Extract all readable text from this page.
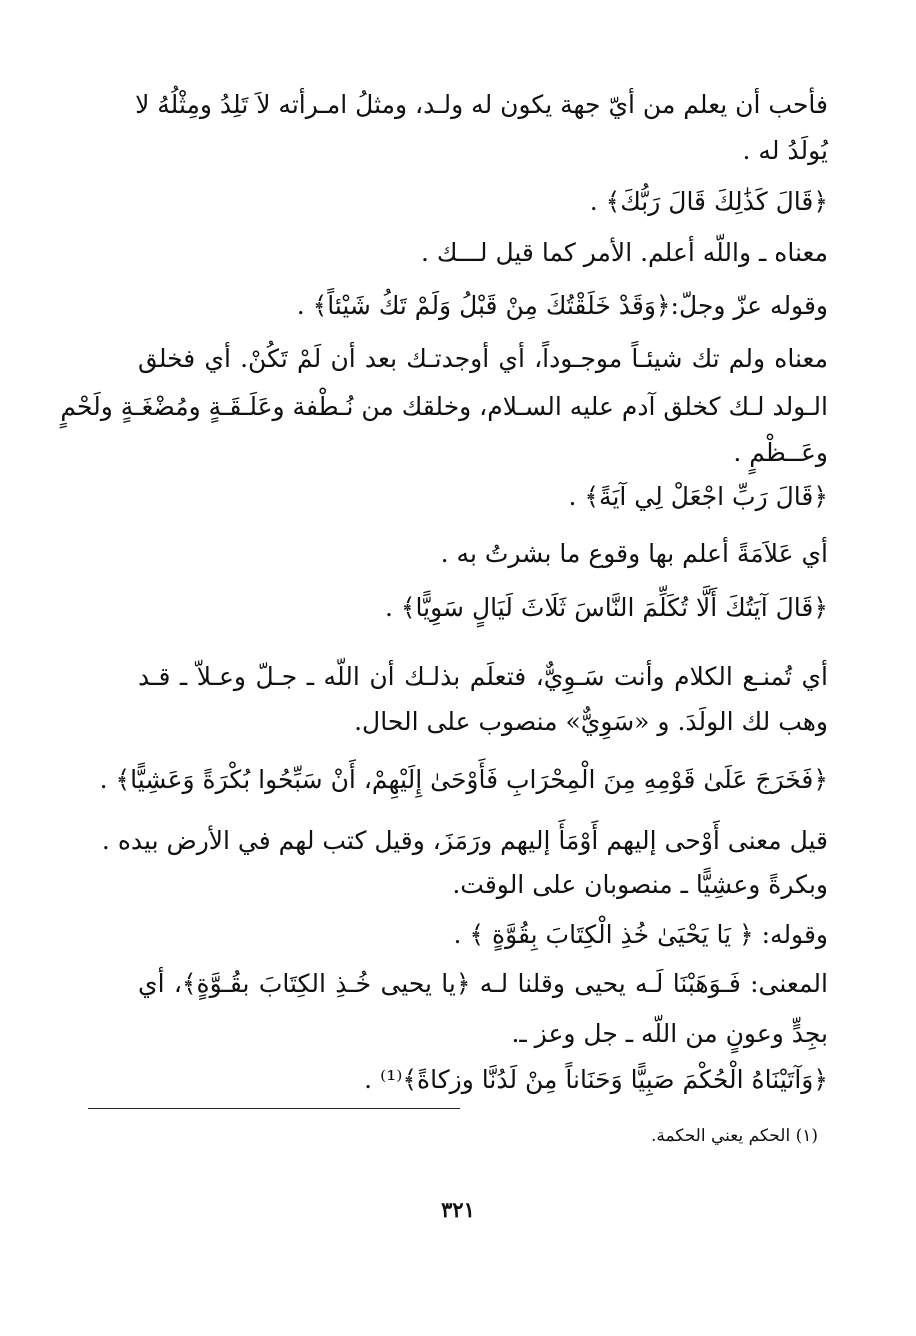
فأحب أن يعلم من أيّ جهة يكون له ولـد، ومثلُ امـرأته لاَ تَلِدُ ومِثْلُهُ لا
يُولَدُ له .
﴿قَالَ كَذَٰلِكَ قَالَ رَبُّكَ﴾ .
معناه ـ واللّه أعلم. الأمر كما قيل لـــك .
وقوله عزّ وجلّ:﴿وَقَدْ خَلَقْتُكَ مِنْ قَبْلُ وَلَمْ تَكُ شَيْئاً﴾ .
معناه ولم تك شيئـاً موجـوداً، أي أوجدتـك بعد أن لَمْ تَكُنْ. أي فخلق
الـولد لـك كخلق آدم عليه السـلام، وخلقك من نُـطْفة وعَلَـقَـةٍ ومُضْغَـةٍ ولَحْمٍ
وعَــظْمٍ .
﴿قَالَ رَبِّ اجْعَلْ لِي آيَةً﴾ .
أي عَلاَمَةً أعلم بها وقوع ما بشرتُ به .
﴿قَالَ آيَتُكَ أَلَّا تُكَلِّمَ النَّاسَ ثَلَاثَ لَيَالٍ سَوِيًّا﴾ .
أي تُمنـع الكلام وأنت سَـوِيٌّ، فتعلَم بذلـك أن اللّه ـ جـلّ وعـلاّ ـ قـد
وهب لك الولَدَ. و «سَوِيٌّ» منصوب على الحال.
﴿فَخَرَجَ عَلَىٰ قَوْمِهِ مِنَ الْمِحْرَابِ فَأَوْحَىٰ إِلَيْهِمْ، أَنْ سَبِّحُوا بُكْرَةً وَعَشِيًّا﴾ .
قيل معنى أَوْحى إليهم أَوْمَأَ إليهم ورَمَزَ، وقيل كتب لهم في الأرض بيده .
وبكرةً وعشِيًّا ـ منصوبان على الوقت.
وقوله: ﴿ يَا يَحْيَىٰ خُذِ الْكِتَابَ بِقُوَّةٍ ﴾ .
المعنى: فَـوَهَبْنَا لَـه يحيى وقلنا لـه ﴿يا يحيى خُـذِ الكِتَابَ بقُـوَّةٍ﴾، أي
بجِدٍّ وعونٍ من اللّه ـ جل وعز ـ.
﴿وَآتَيْنَاهُ الْحُكْمَ صَبِيًّا وَحَنَاناً مِنْ لَدُنَّا وزكاةً﴾⁽¹⁾ .
(١) الحكم يعني الحكمة.
٣٢١
